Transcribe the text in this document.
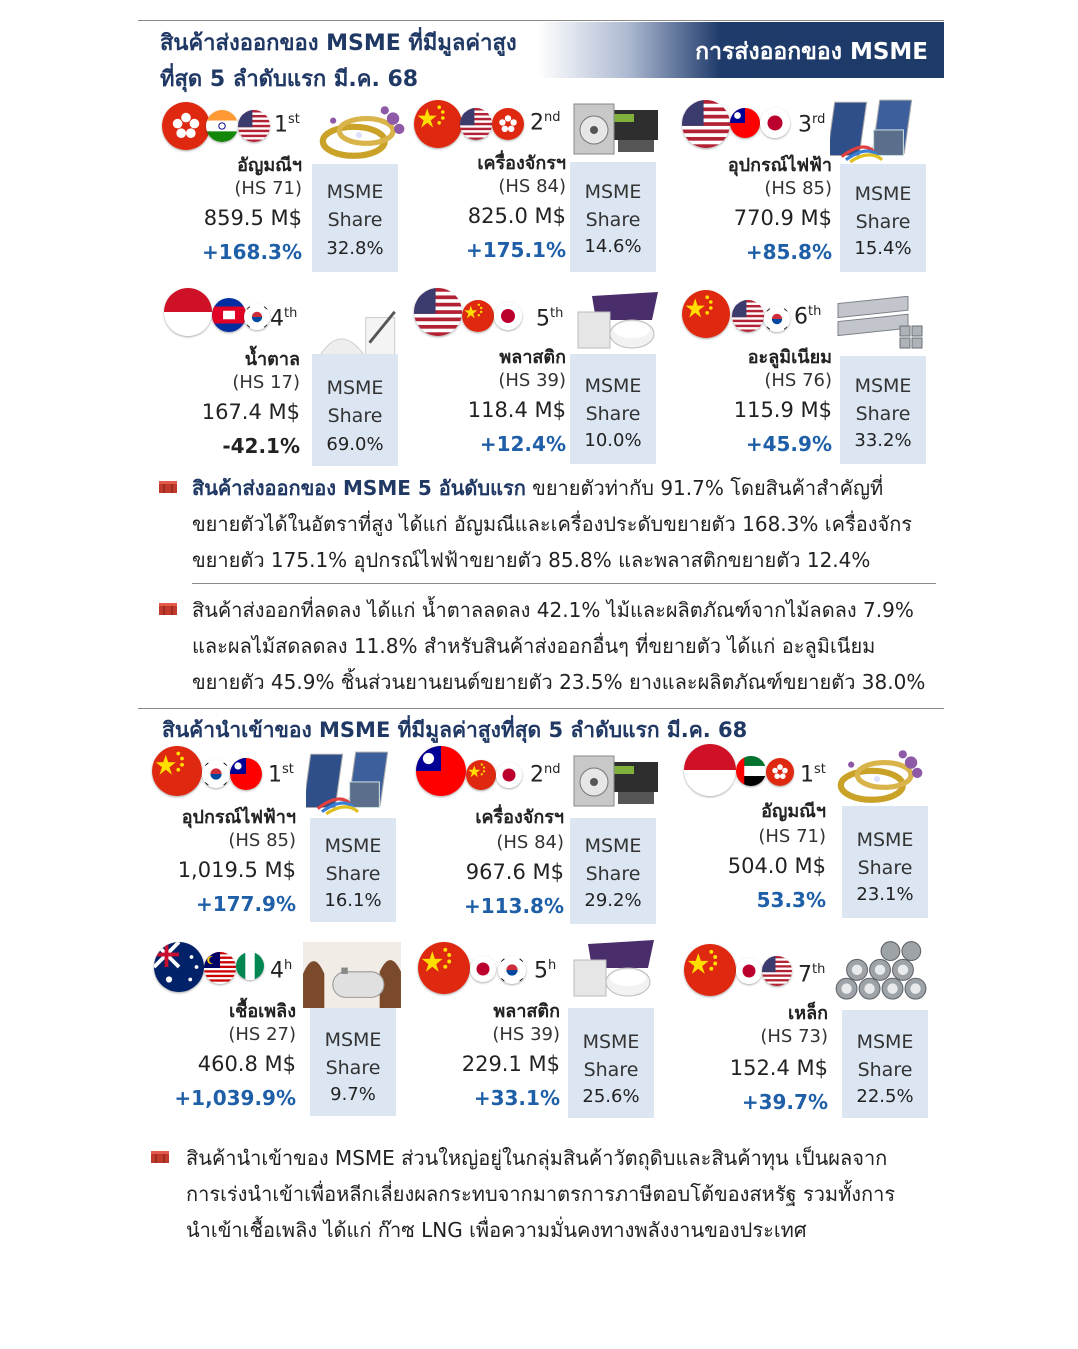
สินค้าส่งออกของ MSME ที่มีมูลค่าสูงที่สุด 5 ลำดับแรก มี.ค. 68
การส่งออกของ MSME
1st
MSME
Share
32.8%
อัญมณีฯ
(HS 71)
859.5 M$
+168.3%
2nd
MSME
Share
14.6%
เครื่องจักรฯ
(HS 84)
825.0 M$
+175.1%
3rd
MSME
Share
15.4%
อุปกรณ์ไฟฟ้า
(HS 85)
770.9 M$
+85.8%
4th
MSME
Share
69.0%
น้ำตาล
(HS 17)
167.4 M$
-42.1%
5th
MSME
Share
10.0%
พลาสติก
(HS 39)
118.4 M$
+12.4%
6th
MSME
Share
33.2%
อะลูมิเนียม
(HS 76)
115.9 M$
+45.9%
สินค้าส่งออกของ MSME 5 อันดับแรก ขยายตัวท่ากับ 91.7% โดยสินค้าสำคัญที่
ขยายตัวได้ในอัตราที่สูง ได้แก่ อัญมณีและเครื่องประดับขยายตัว 168.3% เครื่องจักร
ขยายตัว 175.1% อุปกรณ์ไฟฟ้าขยายตัว 85.8% และพลาสติกขยายตัว 12.4%
สินค้าส่งออกที่ลดลง ได้แก่ น้ำตาลลดลง 42.1% ไม้และผลิตภัณฑ์จากไม้ลดลง 7.9%
และผลไม้สดลดลง 11.8% สำหรับสินค้าส่งออกอื่นๆ ที่ขยายตัว ได้แก่ อะลูมิเนียม
ขยายตัว 45.9% ชิ้นส่วนยานยนต์ขยายตัว 23.5% ยางและผลิตภัณฑ์ขยายตัว 38.0%
สินค้านำเข้าของ MSME ที่มีมูลค่าสูงที่สุด 5 ลำดับแรก มี.ค. 68
1st
MSME
Share
16.1%
อุปกรณ์ไฟฟ้าฯ
(HS 85)
1,019.5 M$
+177.9%
2nd
MSME
Share
29.2%
เครื่องจักรฯ
(HS 84)
967.6 M$
+113.8%
1st
MSME
Share
23.1%
อัญมณีฯ
(HS 71)
504.0 M$
53.3%
4$^h$
MSME
Share
9.7%
เชื้อเพลิง
(HS 27)
460.8 M$
+1,039.9%
5$^h$
MSME
Share
25.6%
พลาสติก
(HS 39)
229.1 M$
+33.1%
7th
MSME
Share
22.5%
เหล็ก
(HS 73)
152.4 M$
+39.7%
สินค้านำเข้าของ MSME ส่วนใหญ่อยู่ในกลุ่มสินค้าวัตถุดิบและสินค้าทุน เป็นผลจาก
การเร่งนำเข้าเพื่อหลีกเลี่ยงผลกระทบจากมาตรการภาษีตอบโต้ของสหรัฐ รวมทั้งการ
นำเข้าเชื้อเพลิง ได้แก่ ก๊าซ LNG เพื่อความมั่นคงทางพลังงานของประเทศ
